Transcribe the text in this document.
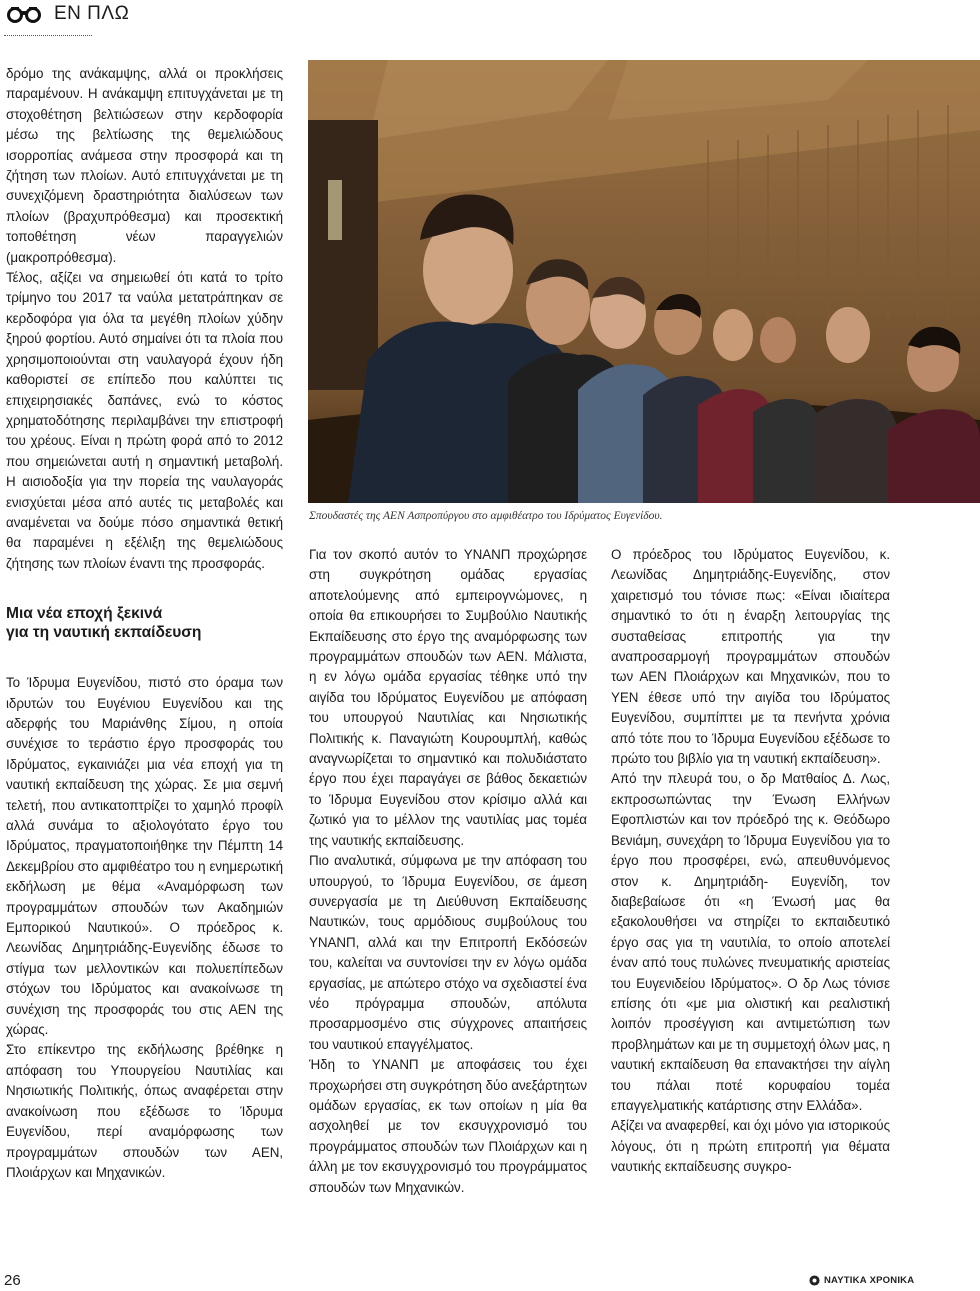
ΕΝ ΠΛΩ

δρόμο της ανάκαμψης, αλλά οι προκλήσεις παραμένουν. Η ανάκαμψη επιτυγχάνεται με τη στοχοθέτηση βελτιώσεων στην κερδοφορία μέσω της βελτίωσης της θεμελιώδους ισορροπίας ανάμεσα στην προσφορά και τη ζήτηση των πλοίων. Αυτό επιτυγχάνεται με τη συνεχιζόμενη δραστηριότητα διαλύσεων των πλοίων (βραχυπρόθεσμα) και προσεκτική τοποθέτηση νέων παραγγελιών (μακροπρόθεσμα).

Τέλος, αξίζει να σημειωθεί ότι κατά το τρίτο τρίμηνο του 2017 τα ναύλα μετατράπηκαν σε κερδοφόρα για όλα τα μεγέθη πλοίων χύδην ξηρού φορτίου. Αυτό σημαίνει ότι τα πλοία που χρησιμοποιούνται στη ναυλαγορά έχουν ήδη καθοριστεί σε επίπεδο που καλύπτει τις επιχειρησιακές δαπάνες, ενώ το κόστος χρηματοδότησης περιλαμβάνει την επιστροφή του χρέους. Είναι η πρώτη φορά από το 2012 που σημειώνεται αυτή η σημαντική μεταβολή. Η αισιοδοξία για την πορεία της ναυλαγοράς ενισχύεται μέσα από αυτές τις μεταβολές και αναμένεται να δούμε πόσο σημαντικά θετική θα παραμένει η εξέλιξη της θεμελιώδους ζήτησης των πλοίων έναντι της προσφοράς.

Μια νέα εποχή ξεκινά
για τη ναυτική εκπαίδευση

Το Ίδρυμα Ευγενίδου, πιστό στο όραμα των ιδρυτών του Ευγένιου Ευγενίδου και της αδερφής του Μαριάνθης Σίμου, η οποία συνέχισε το τεράστιο έργο προσφοράς του Ιδρύματος, εγκαινιάζει μια νέα εποχή για τη ναυτική εκπαίδευση της χώρας. Σε μια σεμνή τελετή, που αντικατοπτρίζει το χαμηλό προφίλ αλλά συνάμα το αξιολογότατο έργο του Ιδρύματος, πραγματοποιήθηκε την Πέμπτη 14 Δεκεμβρίου στο αμφιθέατρο του η ενημερωτική εκδήλωση με θέμα «Αναμόρφωση των προγραμμάτων σπουδών των Ακαδημιών Εμπορικού Ναυτικού». Ο πρόεδρος κ. Λεωνίδας Δημητριάδης-Ευγενίδης έδωσε το στίγμα των μελλοντικών και πολυεπίπεδων στόχων του Ιδρύματος και ανακοίνωσε τη συνέχιση της προσφοράς του στις ΑΕΝ της χώρας.

Στο επίκεντρο της εκδήλωσης βρέθηκε η απόφαση του Υπουργείου Ναυτιλίας και Νησιωτικής Πολιτικής, όπως αναφέρεται στην ανακοίνωση που εξέδωσε το Ίδρυμα Ευγενίδου, περί αναμόρφωσης των προγραμμάτων σπουδών των ΑΕΝ, Πλοιάρχων και Μηχανικών.

Σπουδαστές της ΑΕΝ Ασπροπύργου στο αμφιθέατρο του Ιδρύματος Ευγενίδου.

Για τον σκοπό αυτόν το ΥΝΑΝΠ προχώρησε στη συγκρότηση ομάδας εργασίας αποτελούμενης από εμπειρογνώμονες, η οποία θα επικουρήσει το Συμβούλιο Ναυτικής Εκπαίδευσης στο έργο της αναμόρφωσης των προγραμμάτων σπουδών των ΑΕΝ. Μάλιστα, η εν λόγω ομάδα εργασίας τέθηκε υπό την αιγίδα του Ιδρύματος Ευγενίδου με απόφαση του υπουργού Ναυτιλίας και Νησιωτικής Πολιτικής κ. Παναγιώτη Κουρουμπλή, καθώς αναγνωρίζεται το σημαντικό και πολυδιάστατο έργο που έχει παραγάγει σε βάθος δεκαετιών το Ίδρυμα Ευγενίδου στον κρίσιμο αλλά και ζωτικό για το μέλλον της ναυτιλίας μας τομέα της ναυτικής εκπαίδευσης.

Πιο αναλυτικά, σύμφωνα με την απόφαση του υπουργού, το Ίδρυμα Ευγενίδου, σε άμεση συνεργασία με τη Διεύθυνση Εκπαίδευσης Ναυτικών, τους αρμόδιους συμβούλους του ΥΝΑΝΠ, αλλά και την Επιτροπή Εκδόσεών του, καλείται να συντονίσει την εν λόγω ομάδα εργασίας, με απώτερο στόχο να σχεδιαστεί ένα νέο πρόγραμμα σπουδών, απόλυτα προσαρμοσμένο στις σύγχρονες απαιτήσεις του ναυτικού επαγγέλματος.

Ήδη το ΥΝΑΝΠ με αποφάσεις του έχει προχωρήσει στη συγκρότηση δύο ανεξάρτητων ομάδων εργασίας, εκ των οποίων η μία θα ασχοληθεί με τον εκσυγχρονισμό του προγράμματος σπουδών των Πλοιάρχων και η άλλη με τον εκσυγχρονισμό του προγράμματος σπουδών των Μηχανικών.

Ο πρόεδρος του Ιδρύματος Ευγενίδου, κ. Λεωνίδας Δημητριάδης-Ευγενίδης, στον χαιρετισμό του τόνισε πως: «Είναι ιδιαίτερα σημαντικό το ότι η έναρξη λειτουργίας της συσταθείσας επιτροπής για την αναπροσαρμογή προγραμμάτων σπουδών των ΑΕΝ Πλοιάρχων και Μηχανικών, που το ΥΕΝ έθεσε υπό την αιγίδα του Ιδρύματος Ευγενίδου, συμπίπτει με τα πενήντα χρόνια από τότε που το Ίδρυμα Ευγενίδου εξέδωσε το πρώτο του βιβλίο για τη ναυτική εκπαίδευση».

Από την πλευρά του, ο δρ Ματθαίος Δ. Λως, εκπροσωπώντας την Ένωση Ελλήνων Εφοπλιστών και τον πρόεδρό της κ. Θεόδωρο Βενιάμη, συνεχάρη το Ίδρυμα Ευγενίδου για το έργο που προσφέρει, ενώ, απευθυνόμενος στον κ. Δημητριάδη- Ευγενίδη, τον διαβεβαίωσε ότι «η Ένωσή μας θα εξακολουθήσει να στηρίζει το εκπαιδευτικό έργο σας για τη ναυτιλία, το οποίο αποτελεί έναν από τους πυλώνες πνευματικής αριστείας του Ευγενιδείου Ιδρύματος». Ο δρ Λως τόνισε επίσης ότι «με μια ολιστική και ρεαλιστική λοιπόν προσέγγιση και αντιμετώπιση των προβλημάτων και με τη συμμετοχή όλων μας, η ναυτική εκπαίδευση θα επανακτήσει την αίγλη του πάλαι ποτέ κορυφαίου τομέα επαγγελματικής κατάρτισης στην Ελλάδα».

Αξίζει να αναφερθεί, και όχι μόνο για ιστορικούς λόγους, ότι η πρώτη επιτροπή για θέματα ναυτικής εκπαίδευσης συγκρο-

26	ΝΑΥΤΙΚΑ ΧΡΟΝΙΚΑ
